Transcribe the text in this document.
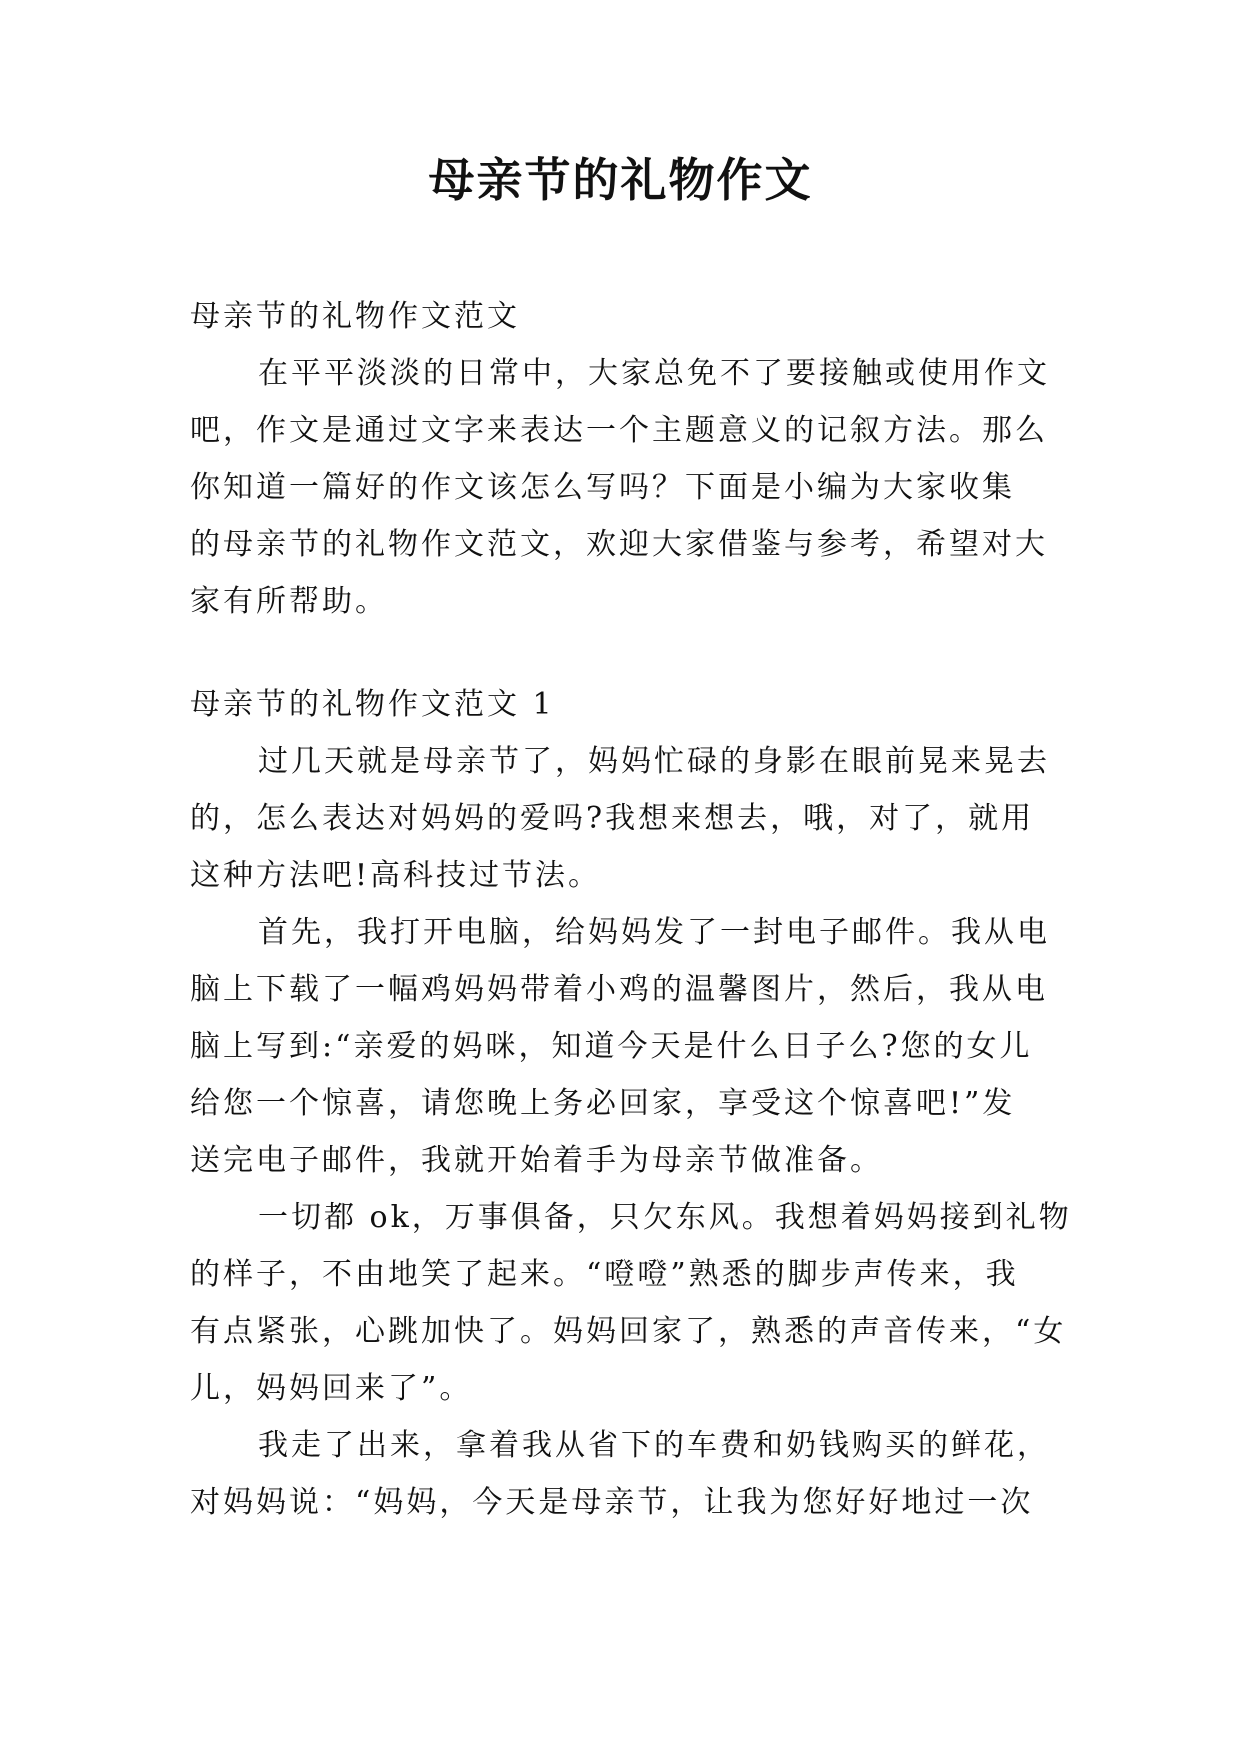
母亲节的礼物作文
母亲节的礼物作文范文
在平平淡淡的日常中，大家总免不了要接触或使用作文
吧，作文是通过文字来表达一个主题意义的记叙方法。那么
你知道一篇好的作文该怎么写吗？下面是小编为大家收集
的母亲节的礼物作文范文，欢迎大家借鉴与参考，希望对大
家有所帮助。
母亲节的礼物作文范文 1
过几天就是母亲节了，妈妈忙碌的身影在眼前晃来晃去
的，怎么表达对妈妈的爱吗?我想来想去，哦，对了，就用
这种方法吧!高科技过节法。
首先，我打开电脑，给妈妈发了一封电子邮件。我从电
脑上下载了一幅鸡妈妈带着小鸡的温馨图片，然后，我从电
脑上写到:“亲爱的妈咪，知道今天是什么日子么?您的女儿
给您一个惊喜，请您晚上务必回家，享受这个惊喜吧!”发
送完电子邮件，我就开始着手为母亲节做准备。
一切都 ok，万事俱备，只欠东风。我想着妈妈接到礼物
的样子，不由地笑了起来。“噔噔”熟悉的脚步声传来，我
有点紧张，心跳加快了。妈妈回家了，熟悉的声音传来，“女
儿，妈妈回来了”。
我走了出来，拿着我从省下的车费和奶钱购买的鲜花，
对妈妈说：“妈妈，今天是母亲节，让我为您好好地过一次
